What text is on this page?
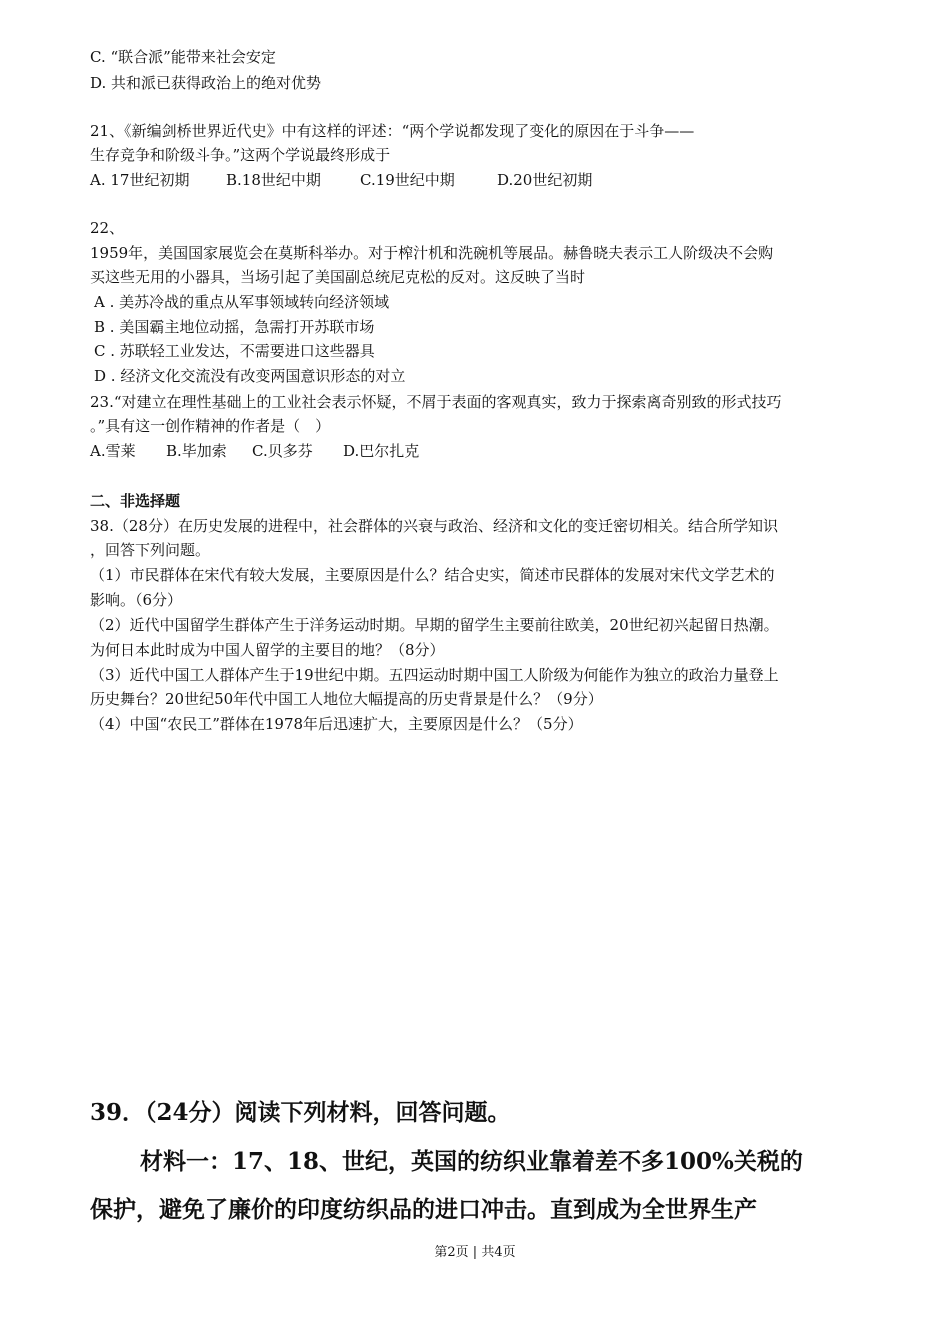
C. “联合派”能带来社会安定
D. 共和派已获得政治上的绝对优势
21、《新编剑桥世界近代史》中有这样的评述：“两个学说都发现了变化的原因在于斗争——
生存竞争和阶级斗争。”这两个学说最终形成于
A. 17世纪初期 B.18世纪中期	C.19世纪中期	D.20世纪初期
22、
1959年，美国国家展览会在莫斯科举办。对于榨汁机和洗碗机等展品。赫鲁晓夫表示工人阶级决不会购
买这些无用的小器具，当场引起了美国副总统尼克松的反对。这反映了当时
A . 美苏冷战的重点从军事领域转向经济领域
B . 美国霸主地位动摇，急需打开苏联市场
C . 苏联轻工业发达，不需要进口这些器具
D . 经济文化交流没有改变两国意识形态的对立
23.“对建立在理性基础上的工业社会表示怀疑，不屑于表面的客观真实，致力于探索离奇别致的形式技巧
。”具有这一创作精神的作者是（　）
A.雪莱 B.毕加索 C.贝多芬 D.巴尔扎克
二、非选择题
38.（28分）在历史发展的进程中，社会群体的兴衰与政治、经济和文化的变迁密切相关。结合所学知识
，回答下列问题。
（1）市民群体在宋代有较大发展，主要原因是什么？结合史实，简述市民群体的发展对宋代文学艺术的
影响。（6分）
（2）近代中国留学生群体产生于洋务运动时期。早期的留学生主要前往欧美，20世纪初兴起留日热潮。
为何日本此时成为中国人留学的主要目的地？（8分）
（3）近代中国工人群体产生于19世纪中期。五四运动时期中国工人阶级为何能作为独立的政治力量登上
历史舞台？20世纪50年代中国工人地位大幅提高的历史背景是什么？（9分）
（4）中国“农民工”群体在1978年后迅速扩大，主要原因是什么？（5分）
39．（24分）阅读下列材料，回答问题。
材料一：17、18、世纪，英国的纺织业靠着差不多100%关税的
保护，避免了廉价的印度纺织品的进口冲击。直到成为全世界生产
第2页 | 共4页
